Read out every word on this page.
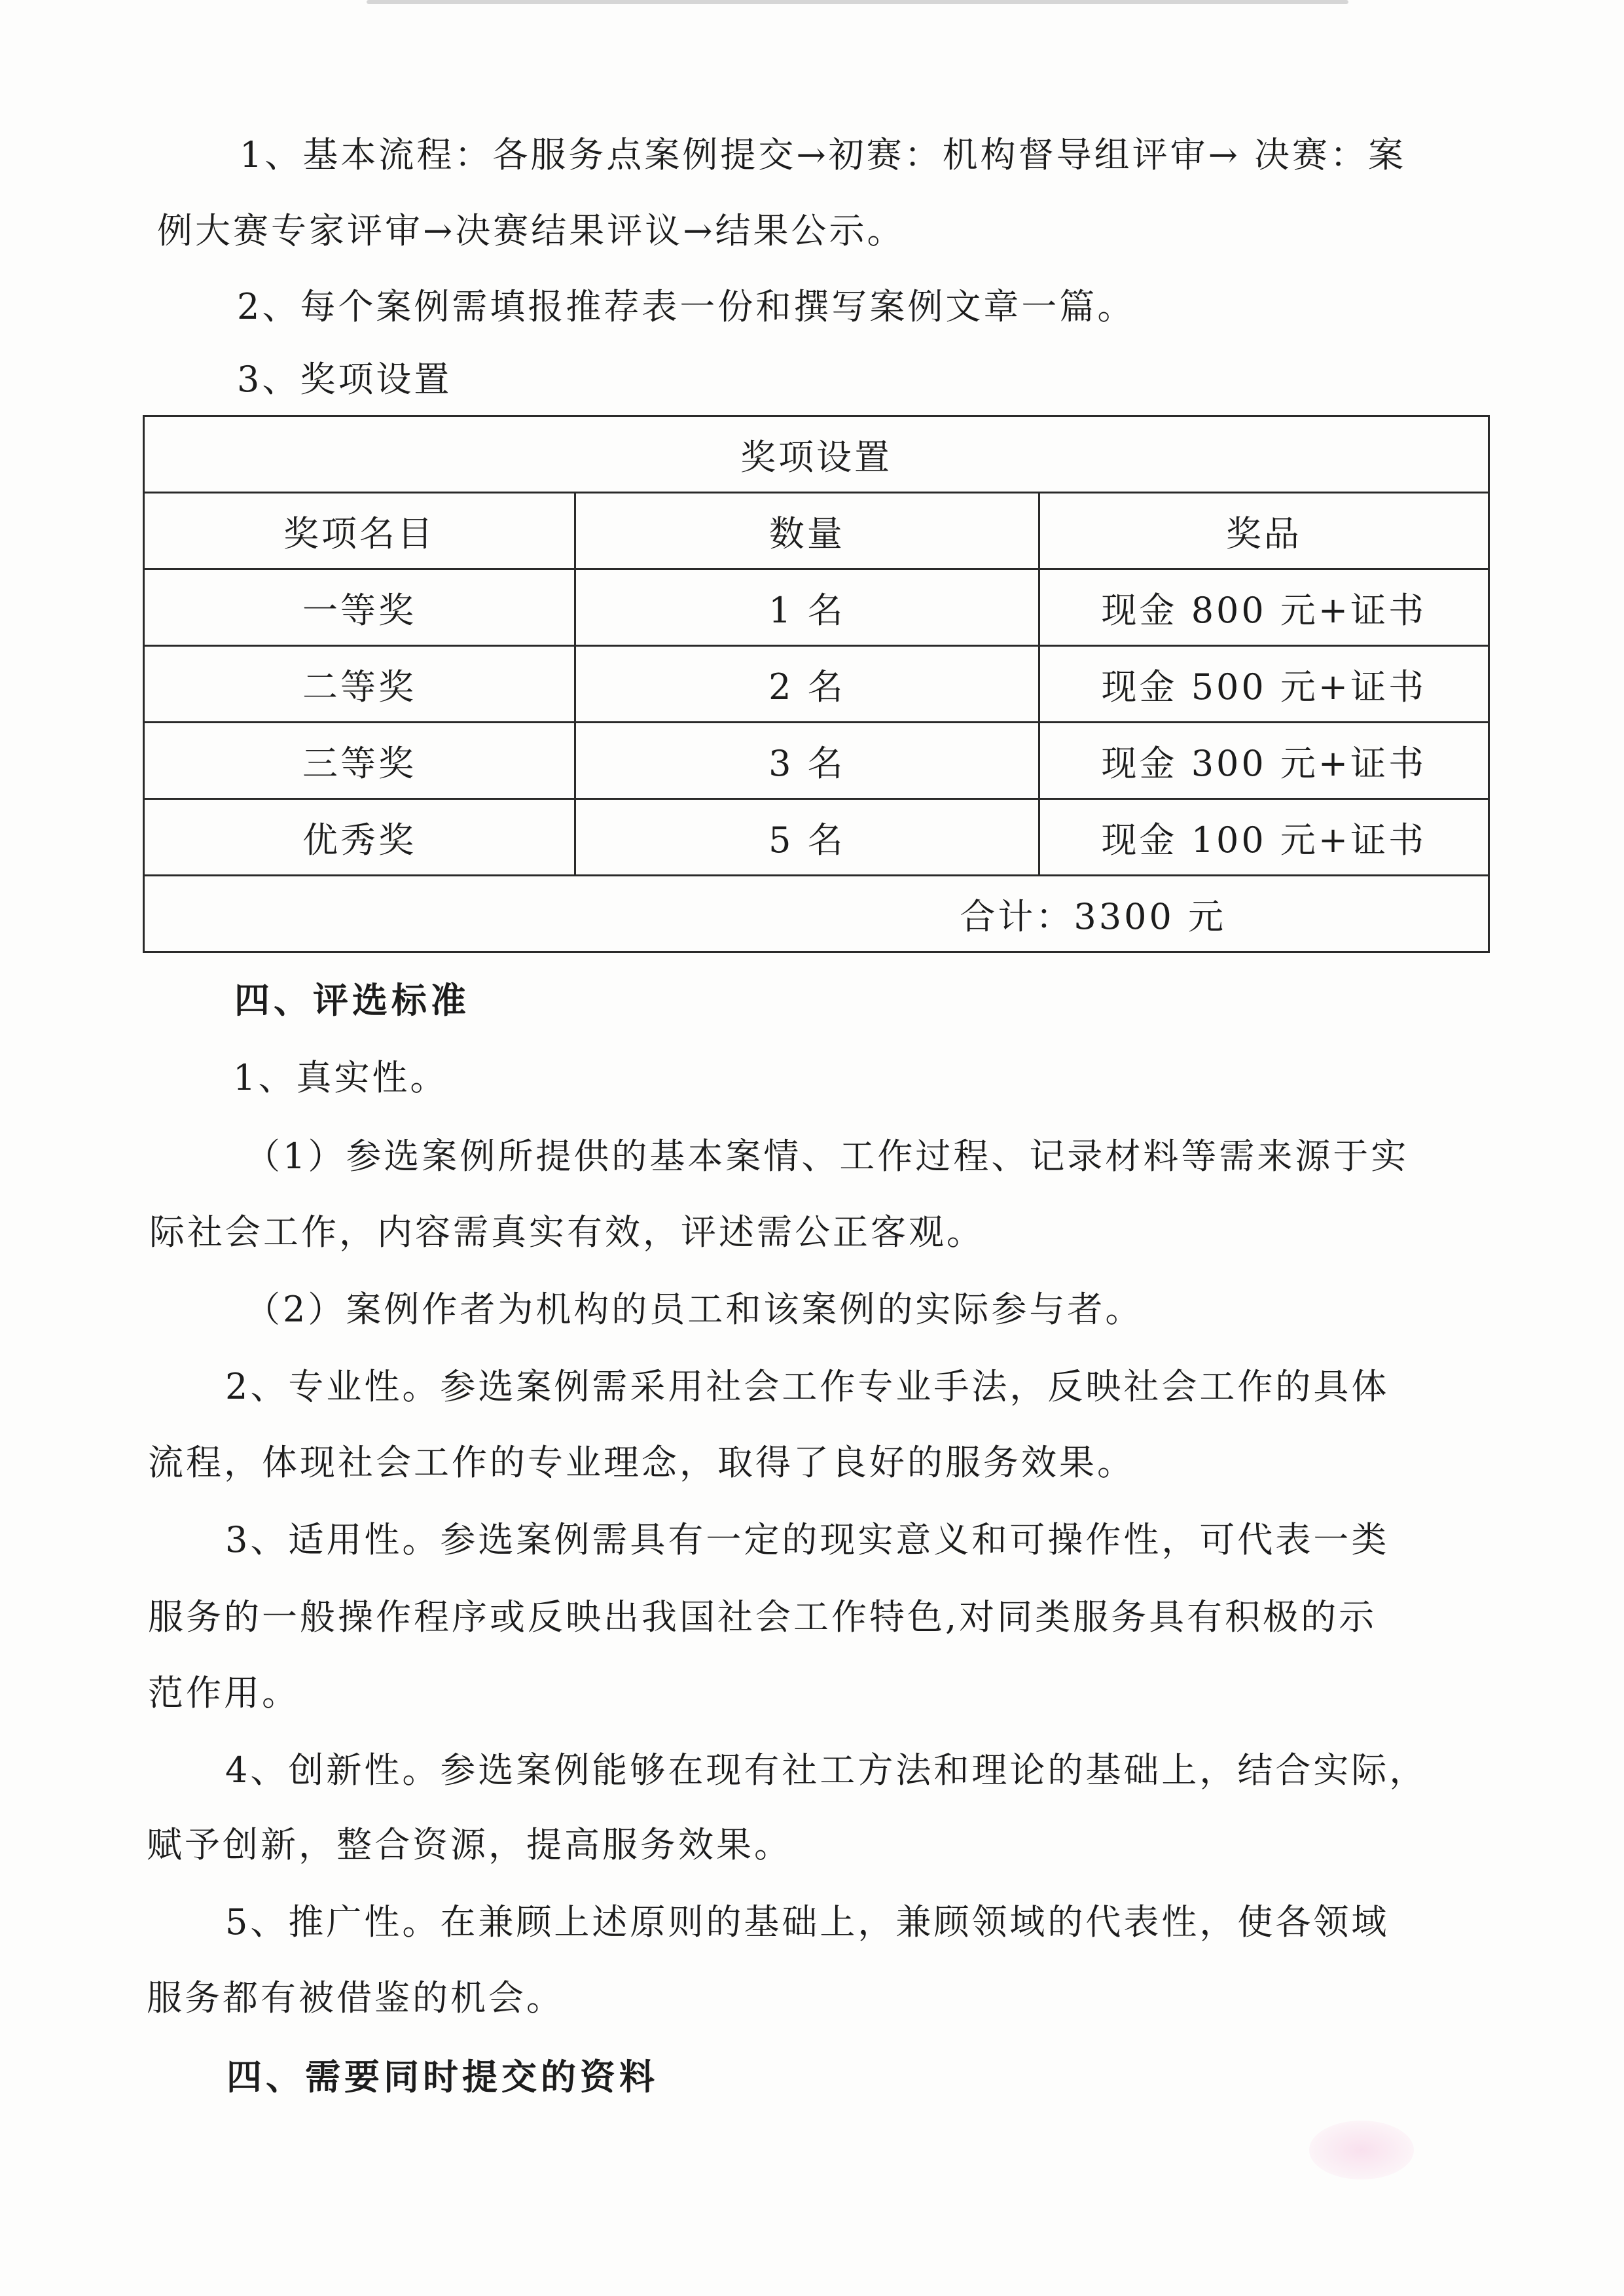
1、基本流程：各服务点案例提交→初赛：机构督导组评审→ 决赛：案
例大赛专家评审→决赛结果评议→结果公示。
2、每个案例需填报推荐表一份和撰写案例文章一篇。
3、奖项设置
奖项设置		
奖项名目	数量	奖品
一等奖	1 名	现金 800 元+证书
二等奖	2 名	现金 500 元+证书
三等奖	3 名	现金 300 元+证书
优秀奖	5 名	现金 100 元+证书
合计：3300 元		
四、评选标准
1、真实性。
（1）参选案例所提供的基本案情、工作过程、记录材料等需来源于实
际社会工作，内容需真实有效，评述需公正客观。
（2）案例作者为机构的员工和该案例的实际参与者。
2、专业性。参选案例需采用社会工作专业手法，反映社会工作的具体
流程，体现社会工作的专业理念，取得了良好的服务效果。
3、适用性。参选案例需具有一定的现实意义和可操作性，可代表一类
服务的一般操作程序或反映出我国社会工作特色,对同类服务具有积极的示
范作用。
4、创新性。参选案例能够在现有社工方法和理论的基础上，结合实际，
赋予创新，整合资源，提高服务效果。
5、推广性。在兼顾上述原则的基础上，兼顾领域的代表性，使各领域
服务都有被借鉴的机会。
四、需要同时提交的资料
